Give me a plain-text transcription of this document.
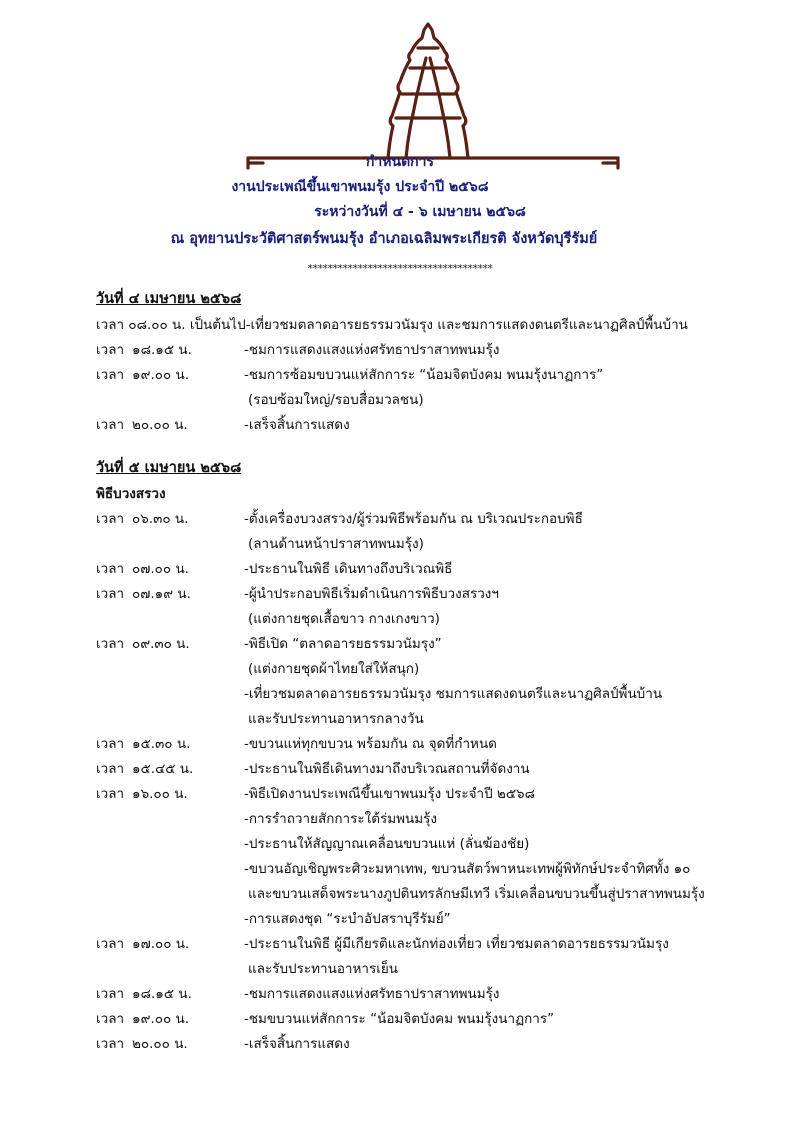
กำหนดการ
งานประเพณีขึ้นเขาพนมรุ้ง ประจำปี ๒๕๖๘
ระหว่างวันที่ ๔ - ๖ เมษายน ๒๕๖๘
ณ อุทยานประวัติศาสตร์พนมรุ้ง อำเภอเฉลิมพระเกียรติ จังหวัดบุรีรัมย์
*************************************
วันที่ ๔ เมษายน ๒๕๖๘
เวลา ๐๘.๐๐ น. เป็นต้นไป-เที่ยวชมตลาดอารยธรรมวนัมรุง และชมการแสดงดนตรีและนาฏศิลป์พื้นบ้าน
เวลา ๑๘.๑๕ น.	-ชมการแสดงแสงแห่งศรัทธาปราสาทพนมรุ้ง
เวลา ๑๙.๐๐ น.	-ชมการซ้อมขบวนแห่สักการะ “น้อมจิตบังคม พนมรุ้งนาฏการ”
(รอบซ้อมใหญ่/รอบสื่อมวลชน)
เวลา ๒๐.๐๐ น.	-เสร็จสิ้นการแสดง
วันที่ ๕ เมษายน ๒๕๖๘
พิธีบวงสรวง
เวลา ๐๖.๓๐ น.	-ตั้งเครื่องบวงสรวง/ผู้ร่วมพิธีพร้อมกัน ณ บริเวณประกอบพิธี
(ลานด้านหน้าปราสาทพนมรุ้ง)
เวลา ๐๗.๐๐ น.	-ประธานในพิธี เดินทางถึงบริเวณพิธี
เวลา ๐๗.๑๙ น.	-ผู้นำประกอบพิธีเริ่มดำเนินการพิธีบวงสรวงฯ
(แต่งกายชุดเสื้อขาว กางเกงขาว)
เวลา ๐๙.๓๐ น.	-พิธีเปิด “ตลาดอารยธรรมวนัมรุง”
(แต่งกายชุดผ้าไทยใส่ให้สนุก)
-เที่ยวชมตลาดอารยธรรมวนัมรุง ชมการแสดงดนตรีและนาฏศิลป์พื้นบ้าน
และรับประทานอาหารกลางวัน
เวลา ๑๕.๓๐ น.	-ขบวนแห่ทุกขบวน พร้อมกัน ณ จุดที่กำหนด
เวลา ๑๕.๔๕ น.	-ประธานในพิธีเดินทางมาถึงบริเวณสถานที่จัดงาน
เวลา ๑๖.๐๐ น.	-พิธีเปิดงานประเพณีขึ้นเขาพนมรุ้ง ประจำปี ๒๕๖๘
-การรำถวายสักการะใต้ร่มพนมรุ้ง
-ประธานให้สัญญาณเคลื่อนขบวนแห่ (ลั่นฆ้องชัย)
-ขบวนอัญเชิญพระศิวะมหาเทพ, ขบวนสัตว์พาหนะเทพผู้พิทักษ์ประจำทิศทั้ง ๑๐
และขบวนเสด็จพระนางภูปตินทรลักษมีเทวี เริ่มเคลื่อนขบวนขึ้นสู่ปราสาทพนมรุ้ง
-การแสดงชุด “ระบำอัปสราบุรีรัมย์”
เวลา ๑๗.๐๐ น.	-ประธานในพิธี ผู้มีเกียรติและนักท่องเที่ยว เที่ยวชมตลาดอารยธรรมวนัมรุง
และรับประทานอาหารเย็น
เวลา ๑๘.๑๕ น.	-ชมการแสดงแสงแห่งศรัทธาปราสาทพนมรุ้ง
เวลา ๑๙.๐๐ น.	-ชมขบวนแห่สักการะ “น้อมจิตบังคม พนมรุ้งนาฏการ”
เวลา ๒๐.๐๐ น.	-เสร็จสิ้นการแสดง
